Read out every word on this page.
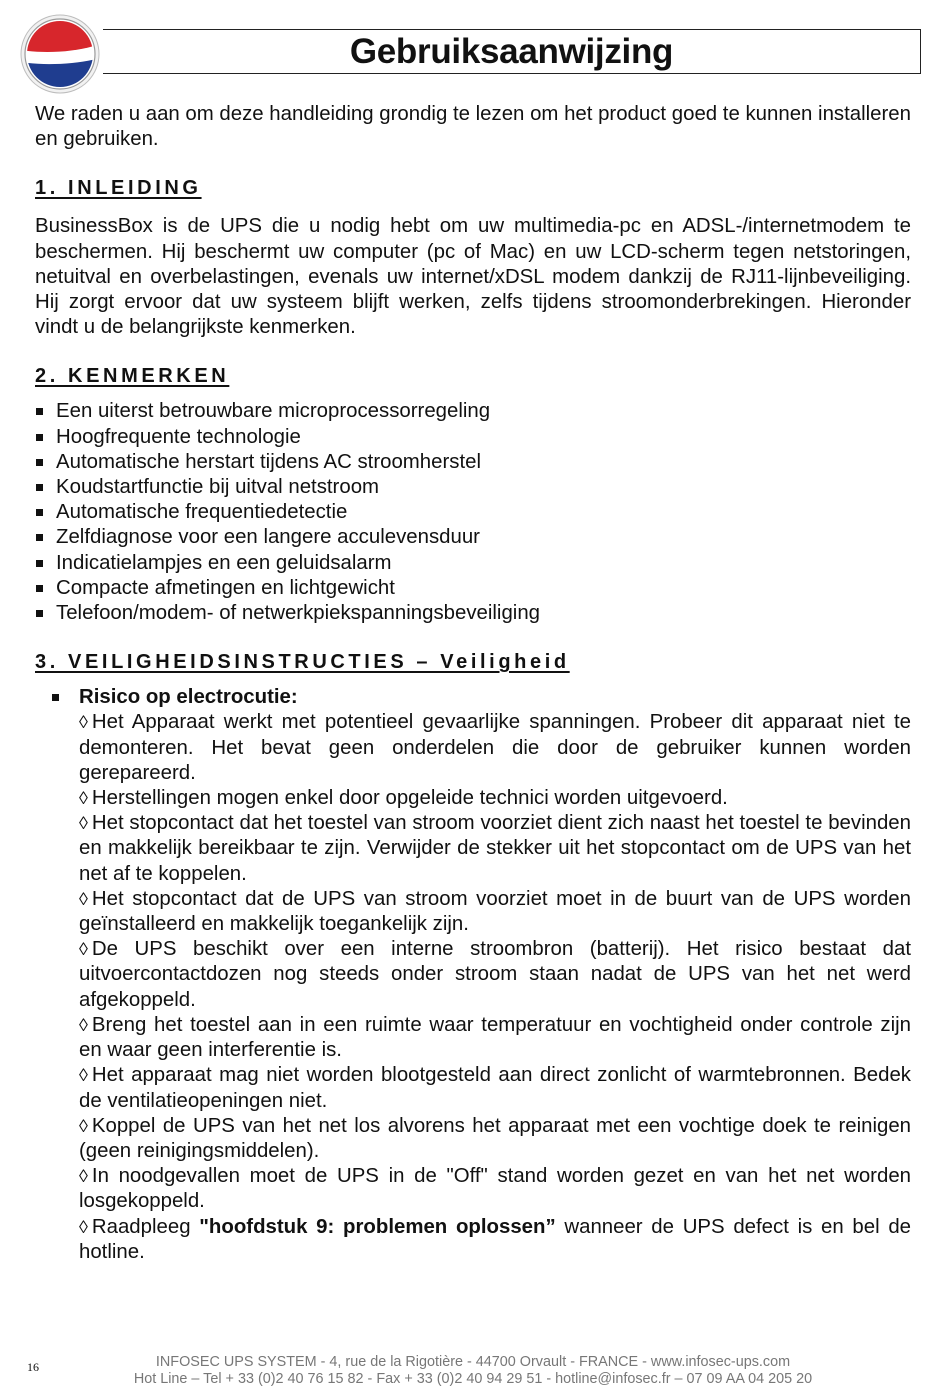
Gebruiksaanwijzing

We raden u aan om deze handleiding grondig te lezen om het product goed te kunnen installeren en gebruiken.

1. INLEIDING

BusinessBox is de UPS die u nodig hebt om uw multimedia-pc en ADSL-/internetmodem te beschermen. Hij beschermt uw computer (pc of Mac) en uw LCD-scherm tegen netstoringen, netuitval en overbelastingen, evenals uw internet/xDSL modem dankzij de RJ11-lijnbeveiliging. Hij zorgt ervoor dat uw systeem blijft werken, zelfs tijdens stroomonderbrekingen. Hieronder vindt u de belangrijkste kenmerken.

2. KENMERKEN
Een uiterst betrouwbare microprocessorregeling
Hoogfrequente technologie
Automatische herstart tijdens AC stroomherstel
Koudstartfunctie bij uitval netstroom
Automatische frequentiedetectie
Zelfdiagnose voor een langere acculevensduur
Indicatielampjes en een geluidsalarm
Compacte afmetingen en lichtgewicht
Telefoon/modem- of netwerkpiekspanningsbeveiliging
3. VEILIGHEIDSINSTRUCTIES – Veiligheid
Risico op electrocutie:

◊ Het Apparaat werkt met potentieel gevaarlijke spanningen. Probeer dit apparaat niet te demonteren. Het bevat geen onderdelen die door de gebruiker kunnen worden gerepareerd.

◊ Herstellingen mogen enkel door opgeleide technici worden uitgevoerd.

◊ Het stopcontact dat het toestel van stroom voorziet dient zich naast het toestel te bevinden en makkelijk bereikbaar te zijn. Verwijder de stekker uit het stopcontact om de UPS van het net af te koppelen.

◊ Het stopcontact dat de UPS van stroom voorziet moet in de buurt van de UPS worden geïnstalleerd en makkelijk toegankelijk zijn.

◊ De UPS beschikt over een interne stroombron (batterij). Het risico bestaat dat uitvoercontactdozen nog steeds onder stroom staan nadat de UPS van het net werd afgekoppeld.

◊ Breng het toestel aan in een ruimte waar temperatuur en vochtigheid onder controle zijn en waar geen interferentie is.

◊ Het apparaat mag niet worden blootgesteld aan direct zonlicht of warmtebronnen. Bedek de ventilatieopeningen niet.

◊ Koppel de UPS van het net los alvorens het apparaat met een vochtige doek te reinigen (geen reinigingsmiddelen).

◊ In noodgevallen moet de UPS in de "Off" stand worden gezet en van het net worden losgekoppeld.

◊ Raadpleeg "hoofdstuk 9: problemen oplossen” wanneer de UPS defect is en bel de hotline.

16	INFOSEC UPS SYSTEM - 4, rue de la Rigotière - 44700 Orvault - FRANCE - www.infosec-ups.com
Hot Line – Tel + 33 (0)2 40 76 15 82 - Fax + 33 (0)2 40 94 29 51 - hotline@infosec.fr – 07 09 AA 04 205 20
